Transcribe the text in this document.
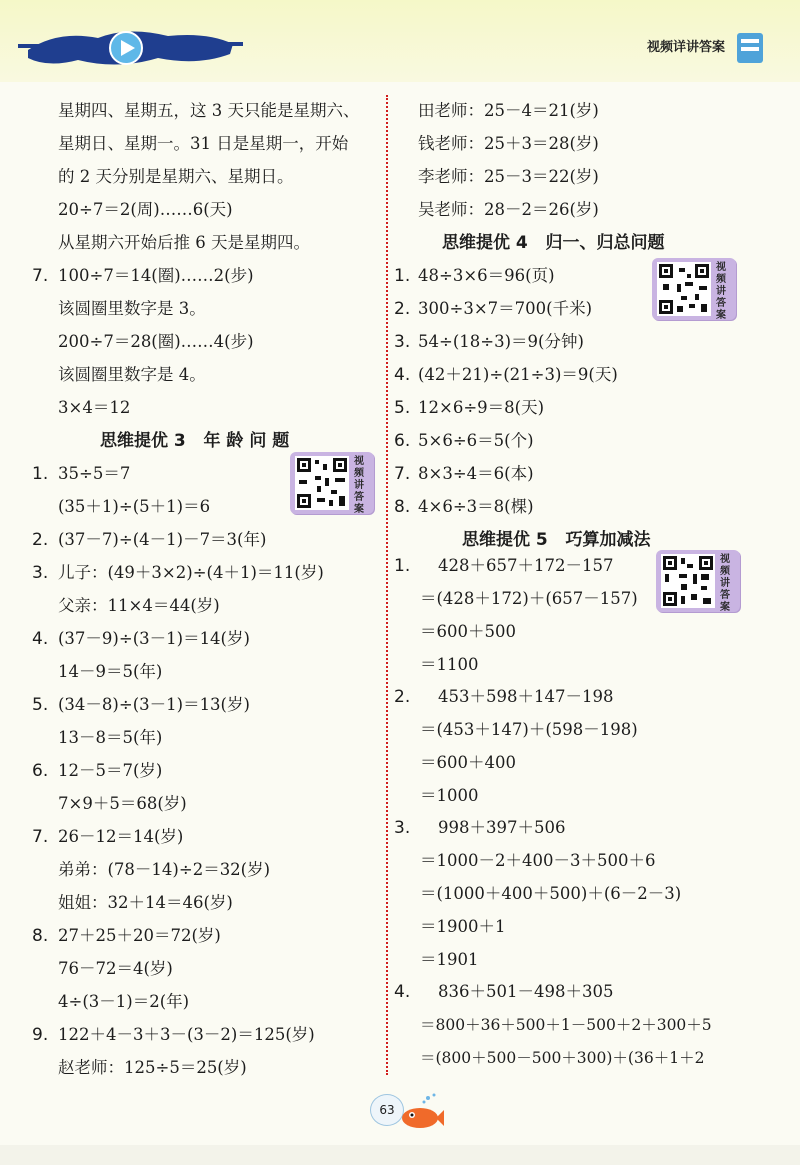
视频详讲答案
星期四、星期五，这 3 天只能是星期六、
星期日、星期一。31 日是星期一，开始
的 2 天分别是星期六、星期日。
20÷7＝2(周)……6(天)
从星期六开始后推 6 天是星期四。
7. 100÷7＝14(圈)……2(步)
该圆圈里数字是 3。
200÷7＝28(圈)……4(步)
该圆圈里数字是 4。
3×4＝12
思维提优 3   年 龄 问 题
1. 35÷5＝7
(35＋1)÷(5＋1)＝6
视频讲答案
2. (37－7)÷(4－1)－7＝3(年)
3. 儿子：(49＋3×2)÷(4＋1)＝11(岁)
父亲：11×4＝44(岁)
4. (37－9)÷(3－1)＝14(岁)
14－9＝5(年)
5. (34－8)÷(3－1)＝13(岁)
13－8＝5(年)
6. 12－5＝7(岁)
7×9＋5＝68(岁)
7. 26－12＝14(岁)
弟弟：(78－14)÷2＝32(岁)
姐姐：32＋14＝46(岁)
8. 27＋25＋20＝72(岁)
76－72＝4(岁)
4÷(3－1)＝2(年)
9. 122＋4－3＋3－(3－2)＝125(岁)
赵老师：125÷5＝25(岁)
田老师：25－4＝21(岁)
钱老师：25＋3＝28(岁)
李老师：25－3＝22(岁)
吴老师：28－2＝26(岁)
思维提优 4   归一、归总问题
1. 48÷3×6＝96(页)
2. 300÷3×7＝700(千米)
3. 54÷(18÷3)＝9(分钟)
4. (42＋21)÷(21÷3)＝9(天)
5. 12×6÷9＝8(天)
6. 5×6÷6＝5(个)
7. 8×3÷4＝6(本)
8. 4×6÷3＝8(棵)
视频讲答案
思维提优 5   巧算加减法
1. 428＋657＋172－157
＝(428＋172)＋(657－157)
＝600＋500
＝1100
视频讲答案
2. 453＋598＋147－198
＝(453＋147)＋(598－198)
＝600＋400
＝1000
3. 998＋397＋506
＝1000－2＋400－3＋500＋6
＝(1000＋400＋500)＋(6－2－3)
＝1900＋1
＝1901
4. 836＋501－498＋305
＝800＋36＋500＋1－500＋2＋300＋5
＝(800＋500－500＋300)＋(36＋1＋2
63
